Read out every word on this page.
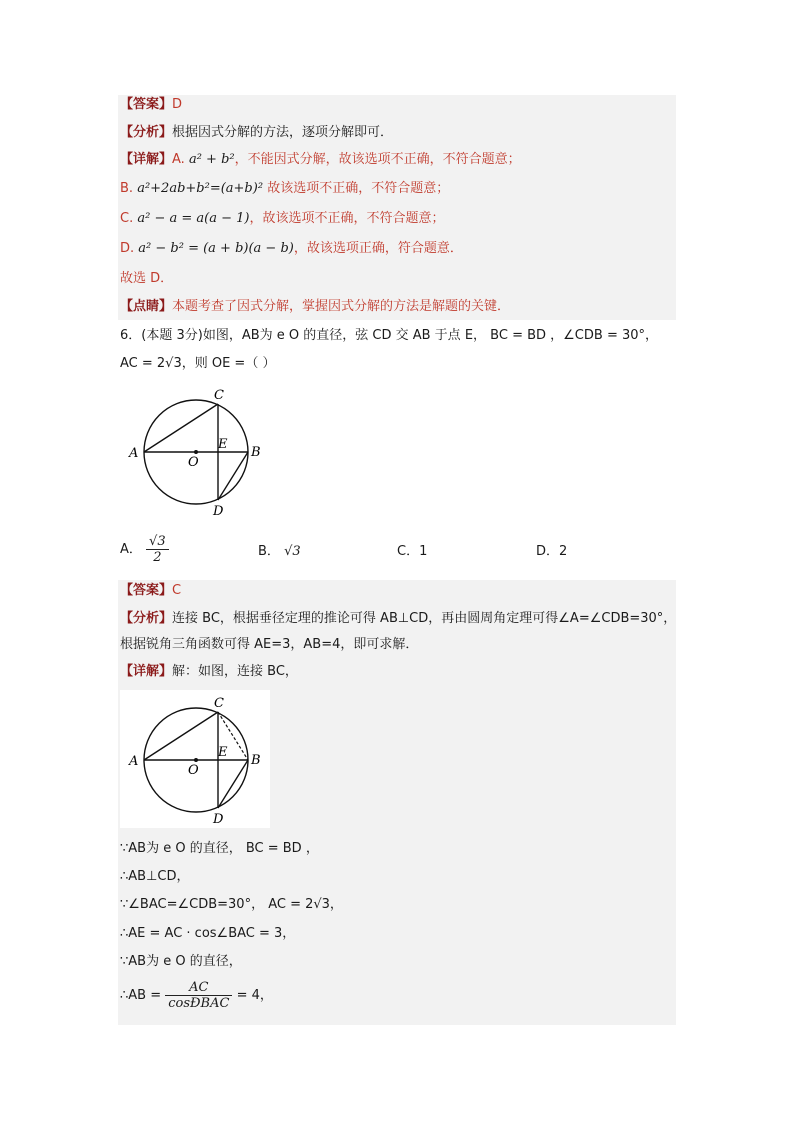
【答案】D
【分析】根据因式分解的方法，逐项分解即可．
【详解】A. a² + b²，不能因式分解，故该选项不正确，不符合题意；
B. a²+2ab+b²=(a+b)² 故该选项不正确，不符合题意；
C. a² − a = a(a − 1)，故该选项不正确，不符合题意；
D. a² − b² = (a + b)(a − b)，故该选项正确，符合题意．
故选 D．
【点睛】本题考查了因式分解，掌握因式分解的方法是解题的关键．
6．(本题 3分)如图，AB为 e O 的直径，弦 CD 交 AB 于点 E， BC = BD ，∠CDB = 30°，
AC = 2√3，则 OE =（ ）
C
A	B
E
O
D
A． $\frac{√3}{2}$	B． √3	C．1	D．2
【答案】C
【分析】连接 BC，根据垂径定理的推论可得 AB⊥CD，再由圆周角定理可得∠A=∠CDB=30°，
根据锐角三角函数可得 AE=3，AB=4，即可求解．
【详解】解：如图，连接 BC，
C
A	B
E
O
D
∵AB为 e O 的直径， BC = BD ，
∴AB⊥CD，
∵∠BAC=∠CDB=30°， AC = 2√3，
∴AE = AC · cos∠BAC = 3，
∵AB为 e O 的直径，
∴AB = $\frac{AC}{\text{cosÐBAC}} = 4$，
